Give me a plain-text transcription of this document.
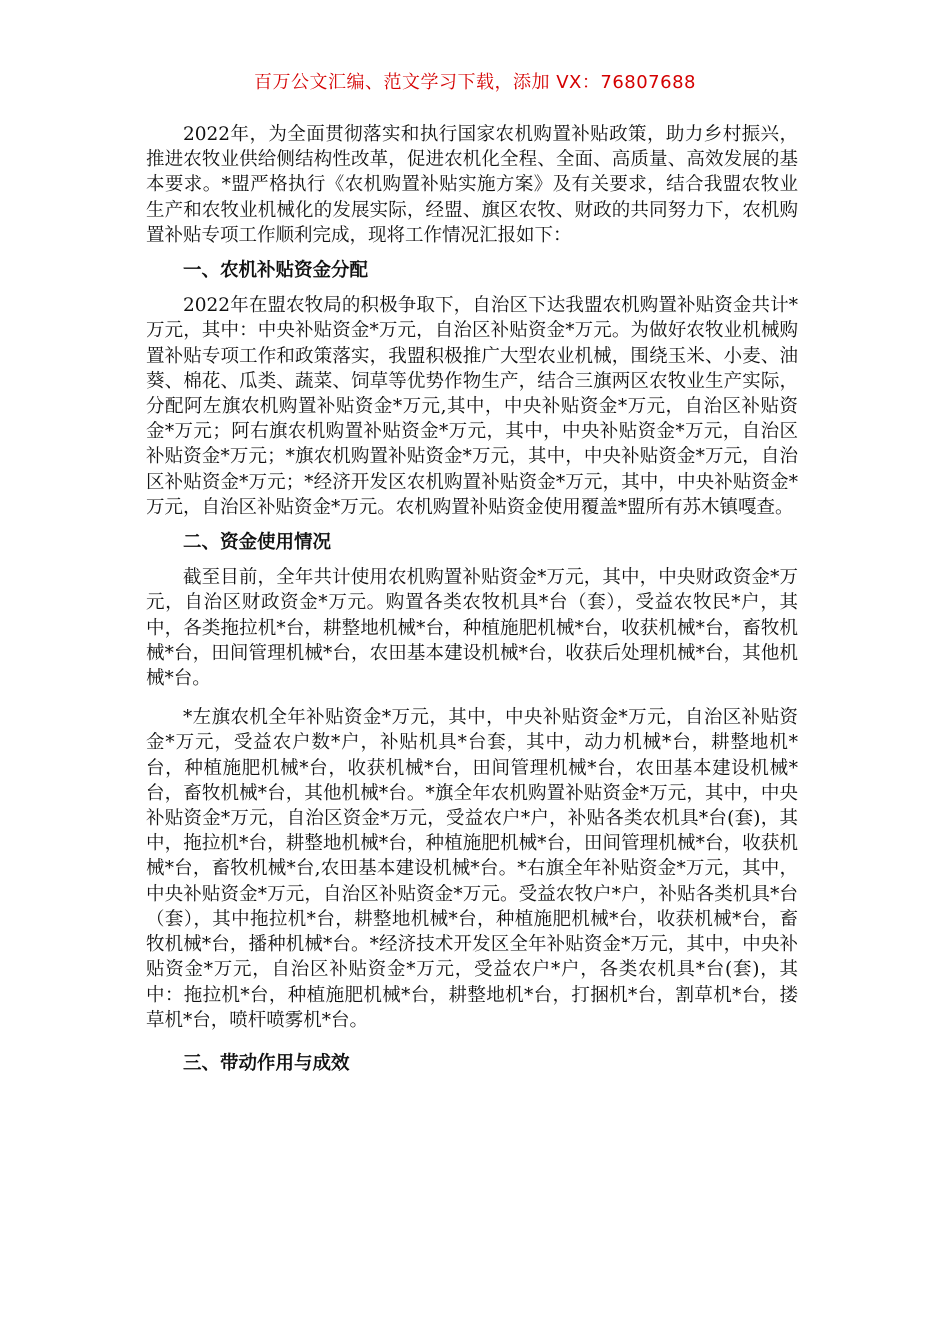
百万公文汇编、范文学习下载，添加 VX：76807688

2022年，为全面贯彻落实和执行国家农机购置补贴政策，助力乡村振兴，推进农牧业供给侧结构性改革，促进农机化全程、全面、高质量、高效发展的基本要求。*盟严格执行《农机购置补贴实施方案》及有关要求，结合我盟农牧业生产和农牧业机械化的发展实际，经盟、旗区农牧、财政的共同努力下，农机购置补贴专项工作顺利完成，现将工作情况汇报如下：

一、农机补贴资金分配

2022年在盟农牧局的积极争取下，自治区下达我盟农机购置补贴资金共计*万元，其中：中央补贴资金*万元，自治区补贴资金*万元。为做好农牧业机械购置补贴专项工作和政策落实，我盟积极推广大型农业机械，围绕玉米、小麦、油葵、棉花、瓜类、蔬菜、饲草等优势作物生产，结合三旗两区农牧业生产实际，分配阿左旗农机购置补贴资金*万元,其中，中央补贴资金*万元，自治区补贴资金*万元；阿右旗农机购置补贴资金*万元，其中，中央补贴资金*万元，自治区补贴资金*万元；*旗农机购置补贴资金*万元，其中，中央补贴资金*万元，自治区补贴资金*万元；*经济开发区农机购置补贴资金*万元，其中，中央补贴资金*万元，自治区补贴资金*万元。农机购置补贴资金使用覆盖*盟所有苏木镇嘎查。

二、资金使用情况

截至目前，全年共计使用农机购置补贴资金*万元，其中，中央财政资金*万元，自治区财政资金*万元。购置各类农牧机具*台（套），受益农牧民*户，其中，各类拖拉机*台，耕整地机械*台，种植施肥机械*台，收获机械*台，畜牧机械*台，田间管理机械*台，农田基本建设机械*台，收获后处理机械*台，其他机械*台。

*左旗农机全年补贴资金*万元，其中，中央补贴资金*万元，自治区补贴资金*万元，受益农户数*户，补贴机具*台套，其中，动力机械*台，耕整地机*台，种植施肥机械*台，收获机械*台，田间管理机械*台，农田基本建设机械*台，畜牧机械*台，其他机械*台。*旗全年农机购置补贴资金*万元，其中，中央补贴资金*万元，自治区资金*万元，受益农户*户，补贴各类农机具*台(套)，其中，拖拉机*台，耕整地机械*台，种植施肥机械*台，田间管理机械*台，收获机械*台，畜牧机械*台,农田基本建设机械*台。*右旗全年补贴资金*万元，其中，中央补贴资金*万元，自治区补贴资金*万元。受益农牧户*户，补贴各类机具*台（套），其中拖拉机*台，耕整地机械*台，种植施肥机械*台，收获机械*台，畜牧机械*台，播种机械*台。*经济技术开发区全年补贴资金*万元，其中，中央补贴资金*万元，自治区补贴资金*万元，受益农户*户，各类农机具*台(套)，其中：拖拉机*台，种植施肥机械*台，耕整地机*台，打捆机*台，割草机*台，搂草机*台，喷杆喷雾机*台。

三、带动作用与成效
